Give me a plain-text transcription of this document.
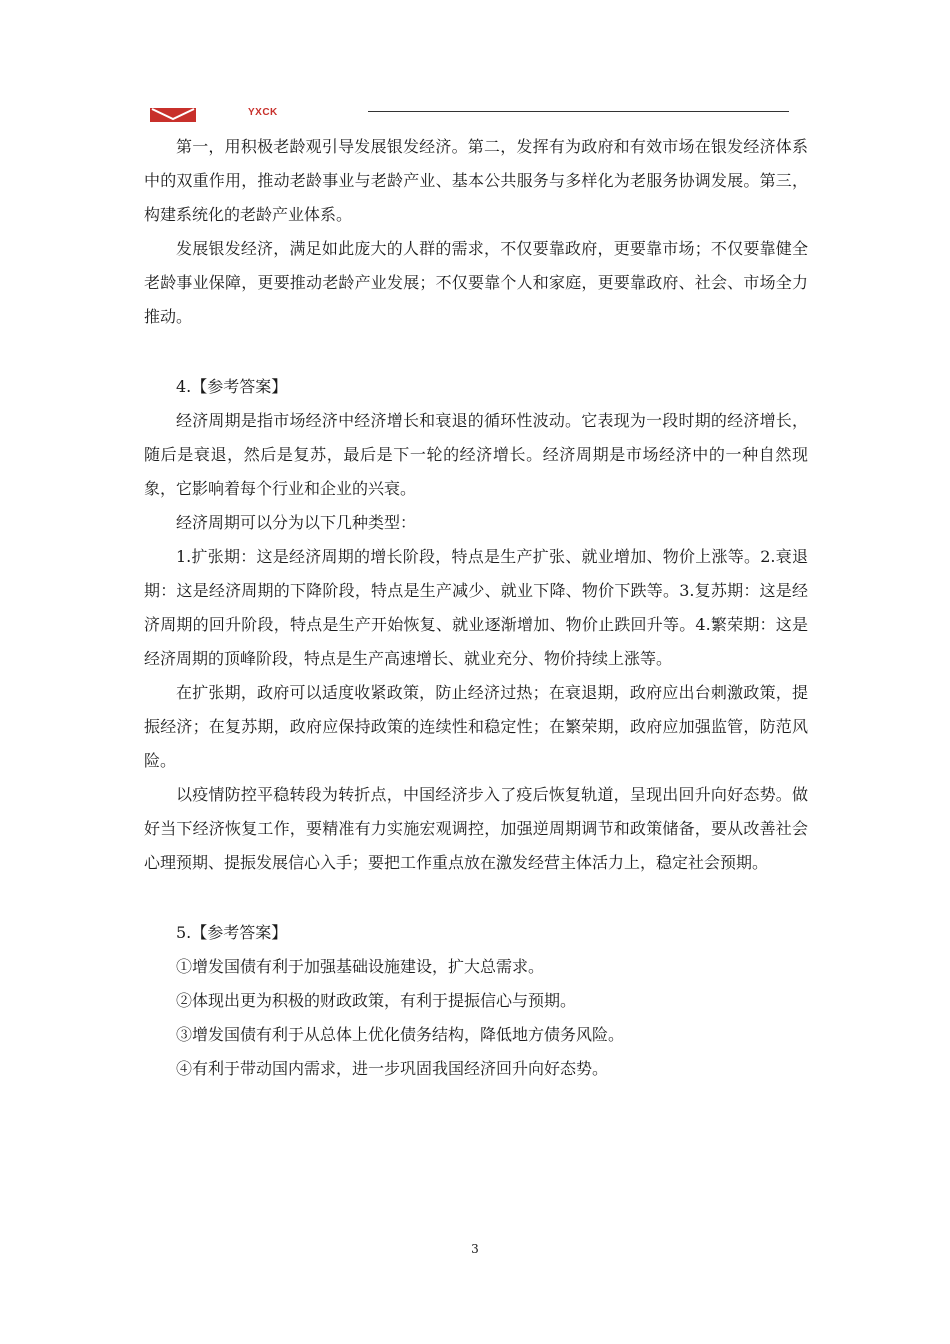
YXCK

第一，用积极老龄观引导发展银发经济。第二，发挥有为政府和有效市场在银发经济体系中的双重作用，推动老龄事业与老龄产业、基本公共服务与多样化为老服务协调发展。第三，构建系统化的老龄产业体系。

发展银发经济，满足如此庞大的人群的需求，不仅要靠政府，更要靠市场；不仅要靠健全老龄事业保障，更要推动老龄产业发展；不仅要靠个人和家庭，更要靠政府、社会、市场全力推动。

4.【参考答案】

经济周期是指市场经济中经济增长和衰退的循环性波动。它表现为一段时期的经济增长，随后是衰退，然后是复苏，最后是下一轮的经济增长。经济周期是市场经济中的一种自然现象，它影响着每个行业和企业的兴衰。

经济周期可以分为以下几种类型：

1.扩张期：这是经济周期的增长阶段，特点是生产扩张、就业增加、物价上涨等。2.衰退期：这是经济周期的下降阶段，特点是生产减少、就业下降、物价下跌等。3.复苏期：这是经济周期的回升阶段，特点是生产开始恢复、就业逐渐增加、物价止跌回升等。4.繁荣期：这是经济周期的顶峰阶段，特点是生产高速增长、就业充分、物价持续上涨等。

在扩张期，政府可以适度收紧政策，防止经济过热；在衰退期，政府应出台刺激政策，提振经济；在复苏期，政府应保持政策的连续性和稳定性；在繁荣期，政府应加强监管，防范风险。

以疫情防控平稳转段为转折点，中国经济步入了疫后恢复轨道，呈现出回升向好态势。做好当下经济恢复工作，要精准有力实施宏观调控，加强逆周期调节和政策储备，要从改善社会心理预期、提振发展信心入手；要把工作重点放在激发经营主体活力上，稳定社会预期。

5.【参考答案】

①增发国债有利于加强基础设施建设，扩大总需求。

②体现出更为积极的财政政策，有利于提振信心与预期。

③增发国债有利于从总体上优化债务结构，降低地方债务风险。

④有利于带动国内需求，进一步巩固我国经济回升向好态势。

3
